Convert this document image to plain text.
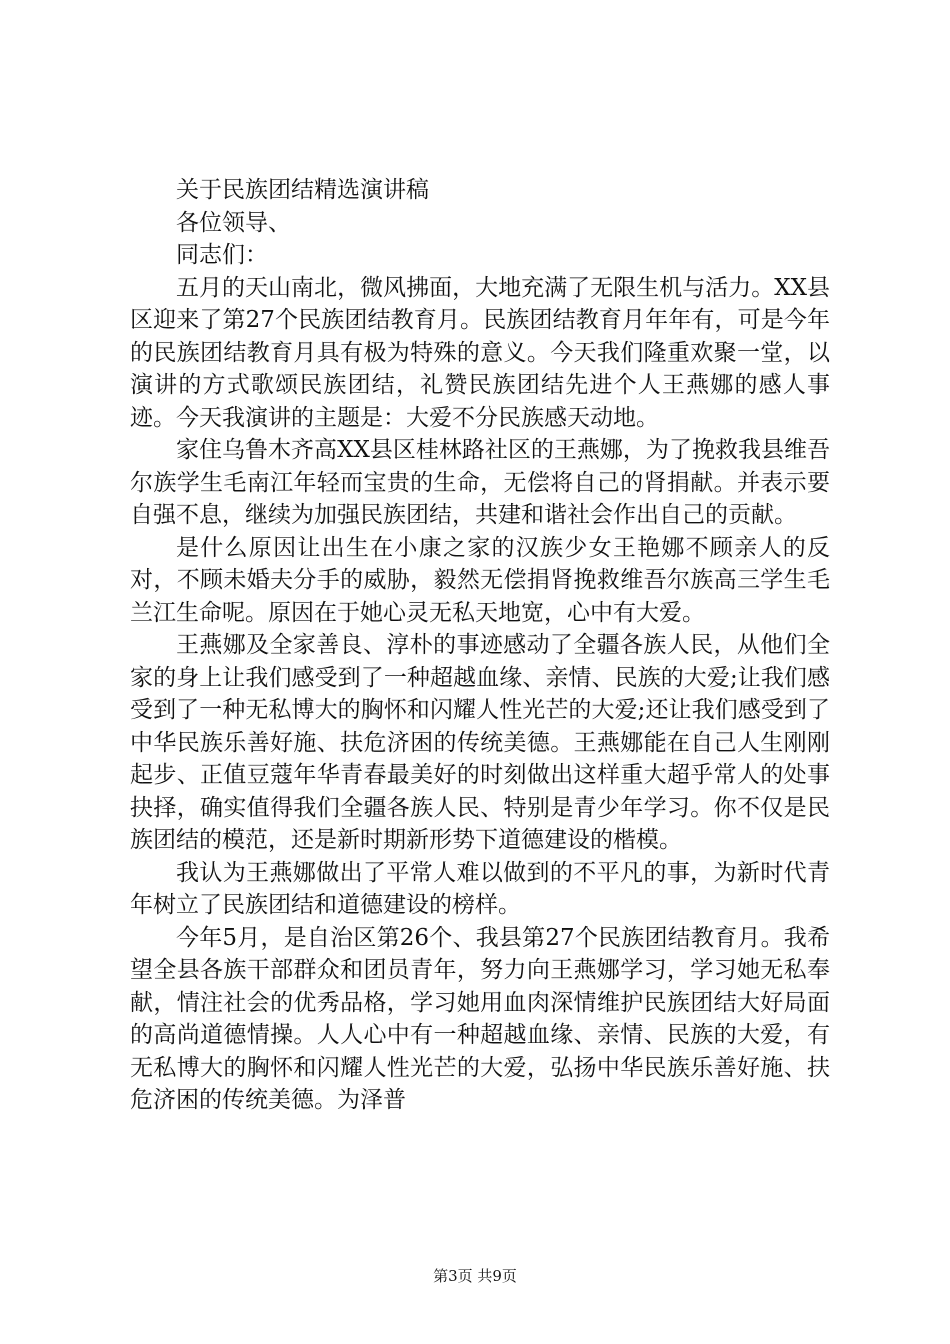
关于民族团结精选演讲稿

各位领导、

同志们：

五月的天山南北，微风拂面，大地充满了无限生机与活力。XX县区迎来了第27个民族团结教育月。民族团结教育月年年有，可是今年的民族团结教育月具有极为特殊的意义。今天我们隆重欢聚一堂，以演讲的方式歌颂民族团结，礼赞民族团结先进个人王燕娜的感人事迹。今天我演讲的主题是：大爱不分民族感天动地。

家住乌鲁木齐高XX县区桂林路社区的王燕娜，为了挽救我县维吾尔族学生毛南江年轻而宝贵的生命，无偿将自己的肾捐献。并表示要自强不息，继续为加强民族团结，共建和谐社会作出自己的贡献。

是什么原因让出生在小康之家的汉族少女王艳娜不顾亲人的反对，不顾未婚夫分手的威胁，毅然无偿捐肾挽救维吾尔族高三学生毛兰江生命呢。原因在于她心灵无私天地宽，心中有大爱。

王燕娜及全家善良、淳朴的事迹感动了全疆各族人民，从他们全家的身上让我们感受到了一种超越血缘、亲情、民族的大爱;让我们感受到了一种无私博大的胸怀和闪耀人性光芒的大爱;还让我们感受到了中华民族乐善好施、扶危济困的传统美德。王燕娜能在自己人生刚刚起步、正值豆蔻年华青春最美好的时刻做出这样重大超乎常人的处事抉择，确实值得我们全疆各族人民、特别是青少年学习。你不仅是民族团结的模范，还是新时期新形势下道德建设的楷模。

我认为王燕娜做出了平常人难以做到的不平凡的事，为新时代青年树立了民族团结和道德建设的榜样。

今年5月，是自治区第26个、我县第27个民族团结教育月。我希望全县各族干部群众和团员青年，努力向王燕娜学习，学习她无私奉献，情注社会的优秀品格，学习她用血肉深情维护民族团结大好局面的高尚道德情操。人人心中有一种超越血缘、亲情、民族的大爱，有无私博大的胸怀和闪耀人性光芒的大爱，弘扬中华民族乐善好施、扶危济困的传统美德。为泽普

第3页 共9页
